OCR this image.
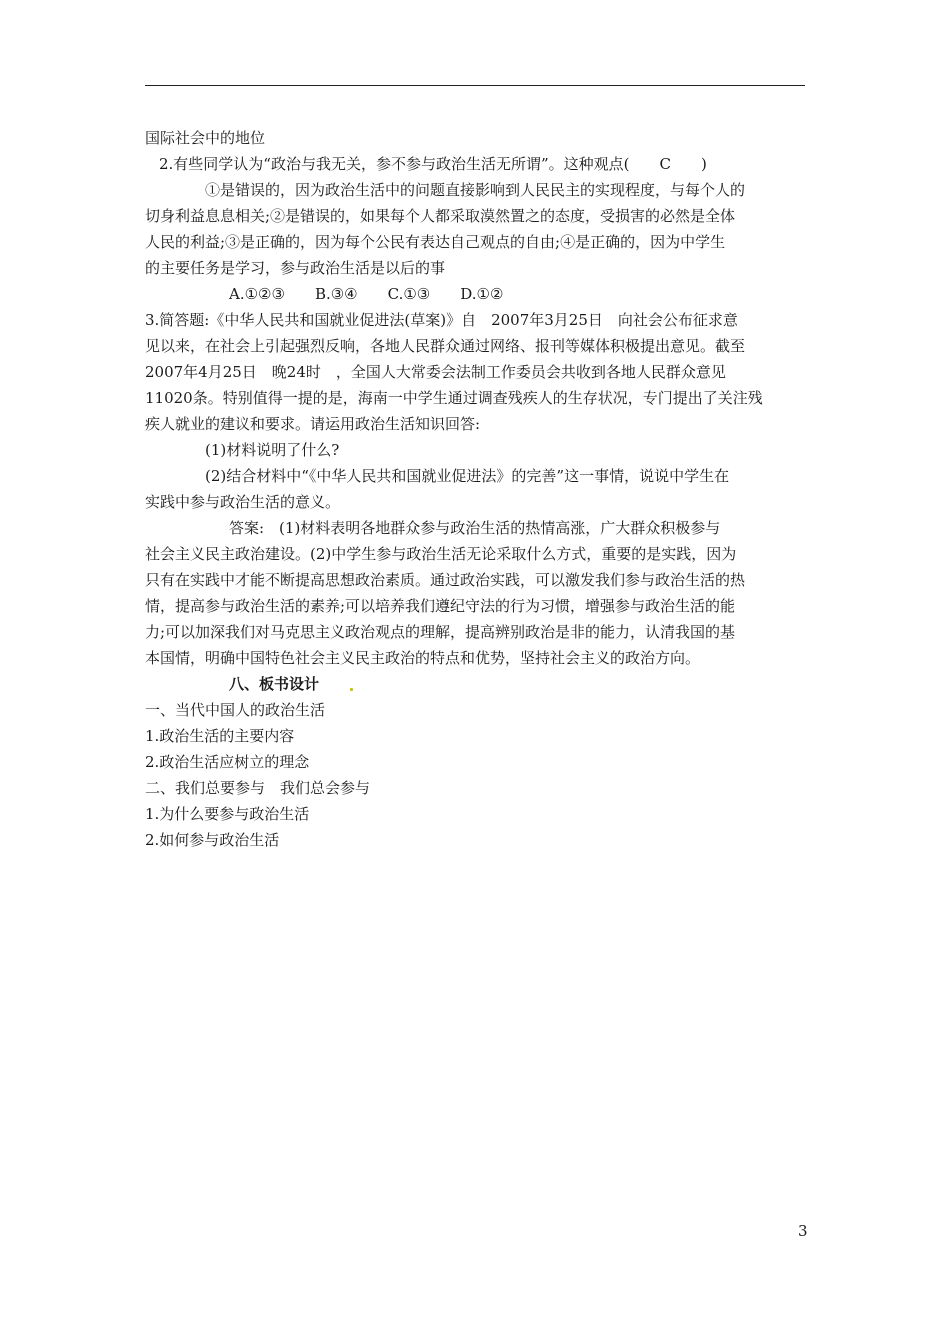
国际社会中的地位
2.有些同学认为“政治与我无关，参不参与政治生活无所谓”。这种观点(　　C　　)
①是错误的，因为政治生活中的问题直接影响到人民民主的实现程度，与每个人的
切身利益息息相关;②是错误的，如果每个人都采取漠然置之的态度，受损害的必然是全体
人民的利益;③是正确的，因为每个公民有表达自己观点的自由;④是正确的，因为中学生
的主要任务是学习，参与政治生活是以后的事
A.①②③　　B.③④　　C.①③　　D.①②
3.简答题:《中华人民共和国就业促进法(草案)》自　2007年3月25日　向社会公布征求意
见以来，在社会上引起强烈反响，各地人民群众通过网络、报刊等媒体积极提出意见。截至
2007年4月25日　晚24时　，全国人大常委会法制工作委员会共收到各地人民群众意见
11020条。特别值得一提的是，海南一中学生通过调查残疾人的生存状况，专门提出了关注残
疾人就业的建议和要求。请运用政治生活知识回答:
(1)材料说明了什么?
(2)结合材料中“《中华人民共和国就业促进法》的完善”这一事情，说说中学生在
实践中参与政治生活的意义。
答案:　(1)材料表明各地群众参与政治生活的热情高涨，广大群众积极参与
社会主义民主政治建设。(2)中学生参与政治生活无论采取什么方式，重要的是实践，因为
只有在实践中才能不断提高思想政治素质。通过政治实践，可以激发我们参与政治生活的热
情，提高参与政治生活的素养;可以培养我们遵纪守法的行为习惯，增强参与政治生活的能
力;可以加深我们对马克思主义政治观点的理解，提高辨别政治是非的能力，认清我国的基
本国情，明确中国特色社会主义民主政治的特点和优势，坚持社会主义的政治方向。
八、板书设计　　
一、当代中国人的政治生活
1.政治生活的主要内容
2.政治生活应树立的理念
二、我们总要参与　我们总会参与
1.为什么要参与政治生活
2.如何参与政治生活
3
